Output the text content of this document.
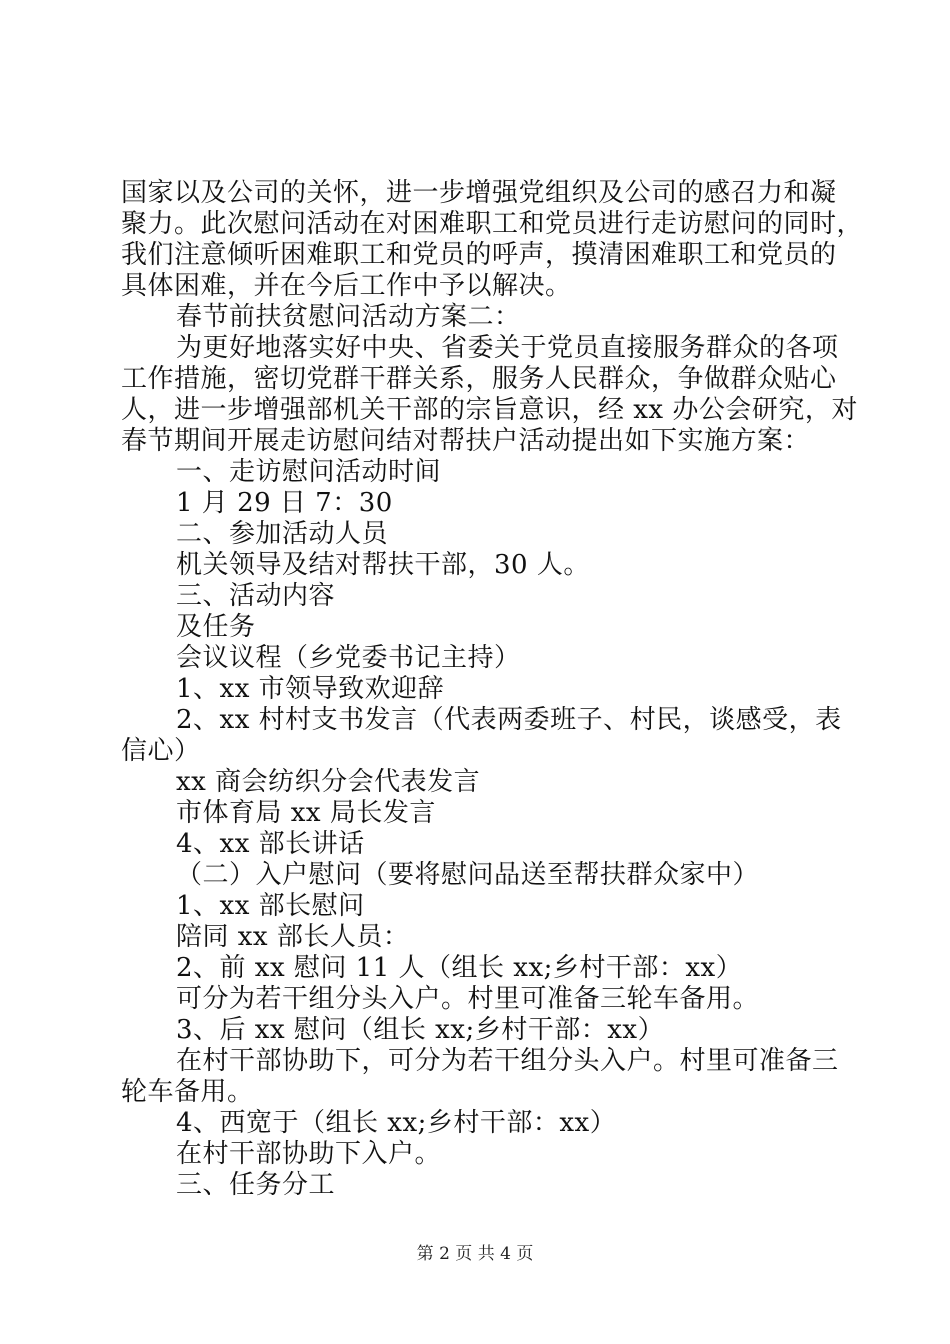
国家以及公司的关怀，进一步增强党组织及公司的感召力和凝
聚力。此次慰问活动在对困难职工和党员进行走访慰问的同时，
我们注意倾听困难职工和党员的呼声，摸清困难职工和党员的
具体困难，并在今后工作中予以解决。
春节前扶贫慰问活动方案二：
为更好地落实好中央、省委关于党员直接服务群众的各项
工作措施，密切党群干群关系，服务人民群众，争做群众贴心
人，进一步增强部机关干部的宗旨意识，经 xx 办公会研究，对
春节期间开展走访慰问结对帮扶户活动提出如下实施方案：
一、走访慰问活动时间
1 月 29 日 7：30
二、参加活动人员
机关领导及结对帮扶干部，30 人。
三、活动内容
及任务
会议议程（乡党委书记主持）
1、xx 市领导致欢迎辞
2、xx 村村支书发言（代表两委班子、村民，谈感受，表
信心）
xx 商会纺织分会代表发言
市体育局 xx 局长发言
4、xx 部长讲话
（二）入户慰问（要将慰问品送至帮扶群众家中）
1、xx 部长慰问
陪同 xx 部长人员：
2、前 xx 慰问 11 人（组长 xx;乡村干部：xx）
可分为若干组分头入户。村里可准备三轮车备用。
3、后 xx 慰问（组长 xx;乡村干部：xx）
在村干部协助下，可分为若干组分头入户。村里可准备三
轮车备用。
4、西宽于（组长 xx;乡村干部：xx）
在村干部协助下入户。
三、任务分工
第 2 页 共 4 页
